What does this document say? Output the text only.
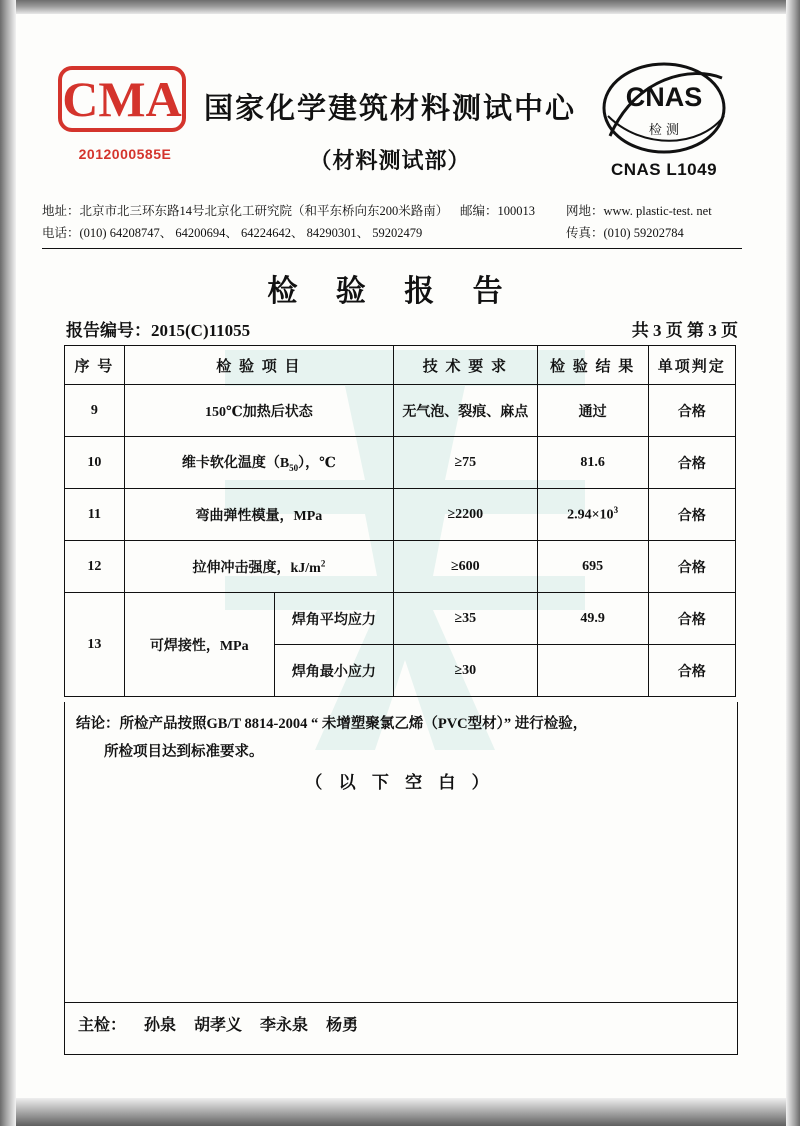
CMA
2012000585E
国家化学建筑材料测试中心
（材料测试部）
CNAS
检 测
CNAS L1049
地址：北京市北三环东路14号北京化工研究院（和平东桥向东200米路南） 邮编：100013 网地：www. plastic-test. net
电话：(010) 64208747、 64200694、 64224642、 84290301、 59202479	传真：(010) 59202784
检 验 报 告
报告编号：2015(C)11055	共 3 页 第 3 页
序 号	检 验 项 目		技 术 要 求	检 验 结 果	单项判定
9	150℃加热后状态		无气泡、裂痕、麻点	通过	合格
10	维卡软化温度$(B_{50})$，℃		≥75	81.6	合格
11	弯曲弹性模量，MPa		≥2200	$2.94\times 10^3$	合格
12	拉伸冲击强度，$kJ/m^2$		≥600	695	合格
13	可焊接性，MPa	焊角平均应力	≥35	49.9	合格
		焊角最小应力	≥30		合格
结论：所检产品按照GB/T 8814-2004 “ 未增塑聚氯乙烯（PVC型材）” 进行检验，
所检项目达到标准要求。
（ 以 下 空 白 ）
主检： 孙泉 胡孝义 李永泉 杨勇
